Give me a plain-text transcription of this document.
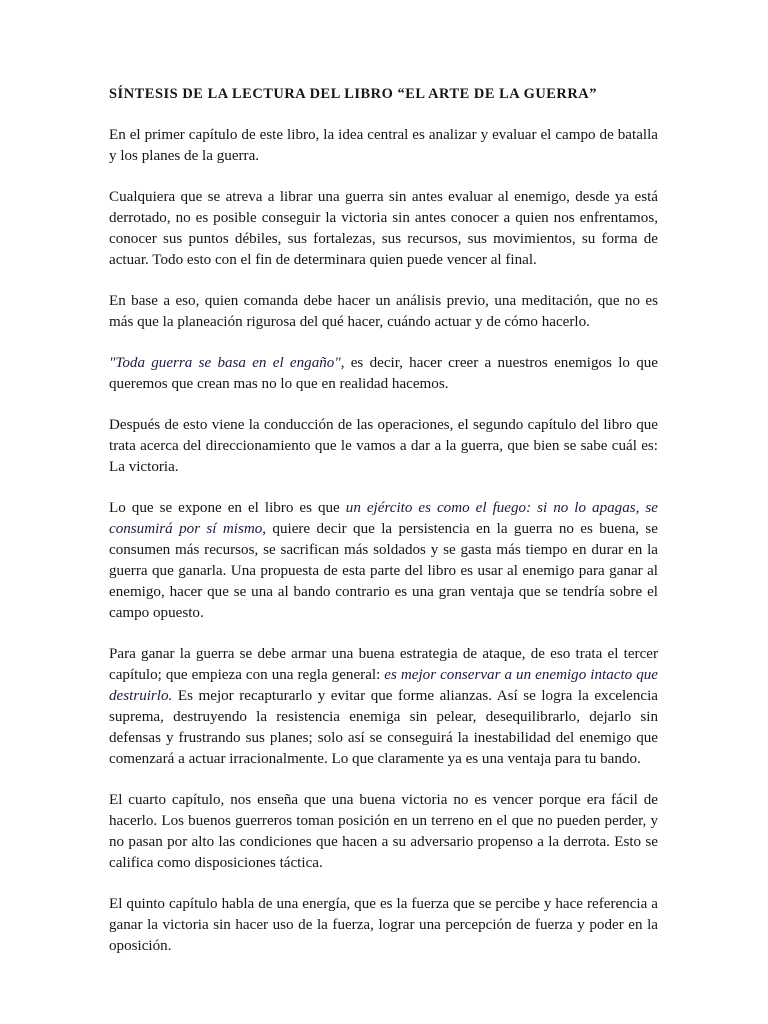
SÍNTESIS DE LA LECTURA DEL LIBRO “EL ARTE DE LA GUERRA”

En el primer capítulo de este libro, la idea central es analizar y evaluar el campo de batalla y los planes de la guerra.

Cualquiera que se atreva a librar una guerra sin antes evaluar al enemigo, desde ya está derrotado, no es posible conseguir la victoria sin antes conocer a quien nos enfrentamos, conocer sus puntos débiles, sus fortalezas, sus recursos, sus movimientos, su forma de actuar. Todo esto con el fin de determinara quien puede vencer al final.

En base a eso, quien comanda debe hacer un análisis previo, una meditación, que no es más que la planeación rigurosa del qué hacer, cuándo actuar y de cómo hacerlo.

"Toda guerra se basa en el engaño", es decir, hacer creer a nuestros enemigos lo que queremos que crean mas no lo que en realidad hacemos.

Después de esto viene la conducción de las operaciones, el segundo capítulo del libro que trata acerca del direccionamiento que le vamos a dar a la guerra, que bien se sabe cuál es: La victoria.

Lo que se expone en el libro es que un ejército es como el fuego: si no lo apagas, se consumirá por sí mismo, quiere decir que la persistencia en la guerra no es buena, se consumen más recursos, se sacrifican más soldados y se gasta más tiempo en durar en la guerra que ganarla. Una propuesta de esta parte del libro es usar al enemigo para ganar al enemigo, hacer que se una al bando contrario es una gran ventaja que se tendría sobre el campo opuesto.

Para ganar la guerra se debe armar una buena estrategia de ataque, de eso trata el tercer capítulo; que empieza con una regla general: es mejor conservar a un enemigo intacto que destruirlo. Es mejor recapturarlo y evitar que forme alianzas. Así se logra la excelencia suprema, destruyendo la resistencia enemiga sin pelear, desequilibrarlo, dejarlo sin defensas y frustrando sus planes; solo así se conseguirá la inestabilidad del enemigo que comenzará a actuar irracionalmente. Lo que claramente ya es una ventaja para tu bando.

El cuarto capítulo, nos enseña que una buena victoria no es vencer porque era fácil de hacerlo. Los buenos guerreros toman posición en un terreno en el que no pueden perder, y no pasan por alto las condiciones que hacen a su adversario propenso a la derrota. Esto se califica como disposiciones táctica.

El quinto capítulo habla de una energía, que es la fuerza que se percibe y hace referencia a ganar la victoria sin hacer uso de la fuerza, lograr una percepción de fuerza y poder en la oposición.
